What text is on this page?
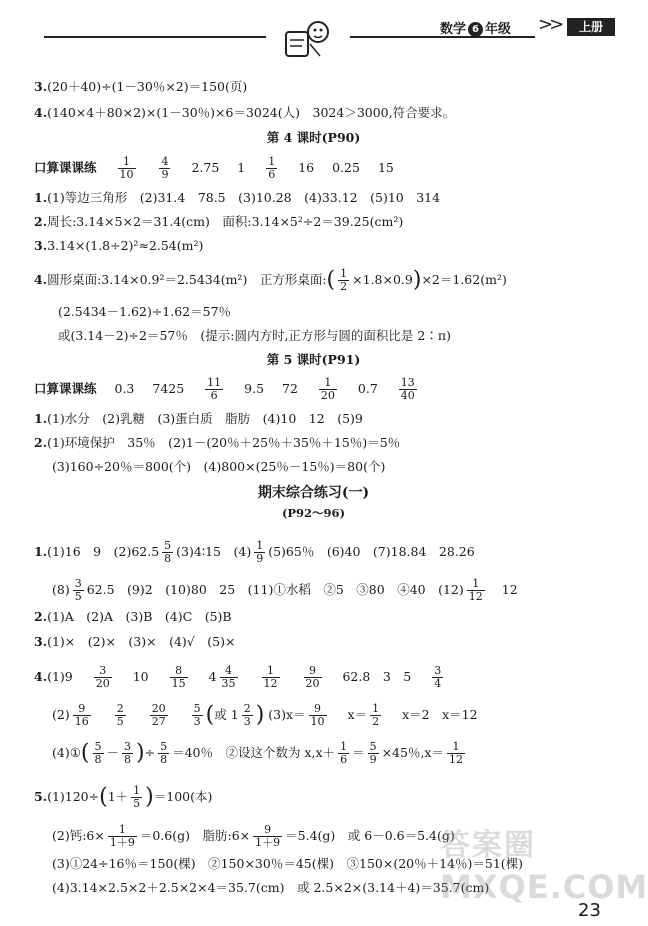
数学 6 年级 >>	上册
3.(20＋40)÷(1－30％×2)＝150(页)
4.(140×4＋80×2)×(1－30％)×6＝3024(人)　3024＞3000,符合要求。
第 4 课时(P90)
口算课课练 $\frac{1}{10}$
$\frac{4}{9} 2.75$ $1 \frac{1}{6} 16$ 0.25 15
1.(1)等边三角形　(2)31.4　78.5　(3)10.28　(4)33.12　(5)10　314
2.周长:3.14×5×2＝31.4(cm)　面积:3.14×5²÷2＝39.25(cm²)
3.3.14×(1.8÷2)²≈2.54(m²)
4.圆形桌面:3.14×0.9²＝2.5434(m²)　正方形桌面:( $\frac{1}{2} \times 1.8\times 0.9)\times 2=1.62(m^2)$
(2.5434－1.62)÷1.62＝57％
或(3.14－2)÷2＝57％　(提示:圆内方时,正方形与圆的面积比是 2∶π)
第 5 课时(P91)
口算课课练 0.3 $7425 \frac{11}{6} 9.5$ $72 \frac{1}{20} 0.7 \frac{13}{40}$
1.(1)水分　(2)乳糖　(3)蛋白质　脂肪　(4)10　12　(5)9
2.(1)环境保护　35％　(2)1－(20％＋25％＋35％＋15％)＝5％
(3)160÷20％＝800(个)　(4)800×(25％－15％)＝80(个)
期末综合练习(一)
(P92～96)
1.(1)16　9　$(2)62.5 \frac{5}{8}$ (3)4∶15　$(4) \frac{1}{9} (5)65$％　(6)40　(7)18.84　28.26
$(8) \frac{3}{5} 62.5$　(9)2　(10)80　25　(11)①水稻　②5　③80　④40　$(12) \frac{1}{12} 12$
2.(1)A　(2)A　(3)B　(4)C　(5)B
3.(1)×　(2)×　(3)×　(4)√　(5)×
$4.(1)9 \frac{3}{20} 10 \frac{8}{15} 4 \frac{4}{35}$
$\frac{1}{12}$
$\frac{9}{20} 62.8$　3　$5 \frac{3}{4}$
$(2) \frac{9}{16}$
$\frac{2}{5}$
$\frac{20}{27}$
$\frac{5}{3}$ (或 $1 \frac{2}{3}$ ) $(3)x= \frac{9}{10} x= \frac{1}{2} x=2$　x＝12
(4)①( $\frac{5}{8} - \frac{3}{8}$ )÷ $\frac{5}{8} =40$％　②设这个数为 $x,x+ \frac{1}{6} = \frac{5}{9} \times 45$％$,x= \frac{1}{12}$
$5.(1)120\div(1+ \frac{1}{5} )=100$(本)
(2)钙:6× $\frac{1}{1+9} =0.6(g)$　脂肪:6× $\frac{9}{1+9} =5.4(g)$　或 6－0.6＝5.4(g)
(3)①24÷16％＝150(棵)　②150×30％＝45(棵)　③150×(20％＋14％)＝51(棵)
(4)3.14×2.5×2＋2.5×2×4＝35.7(cm)　或 2.5×2×(3.14＋4)＝35.7(cm)
答案圈
MXQE.COM
23
